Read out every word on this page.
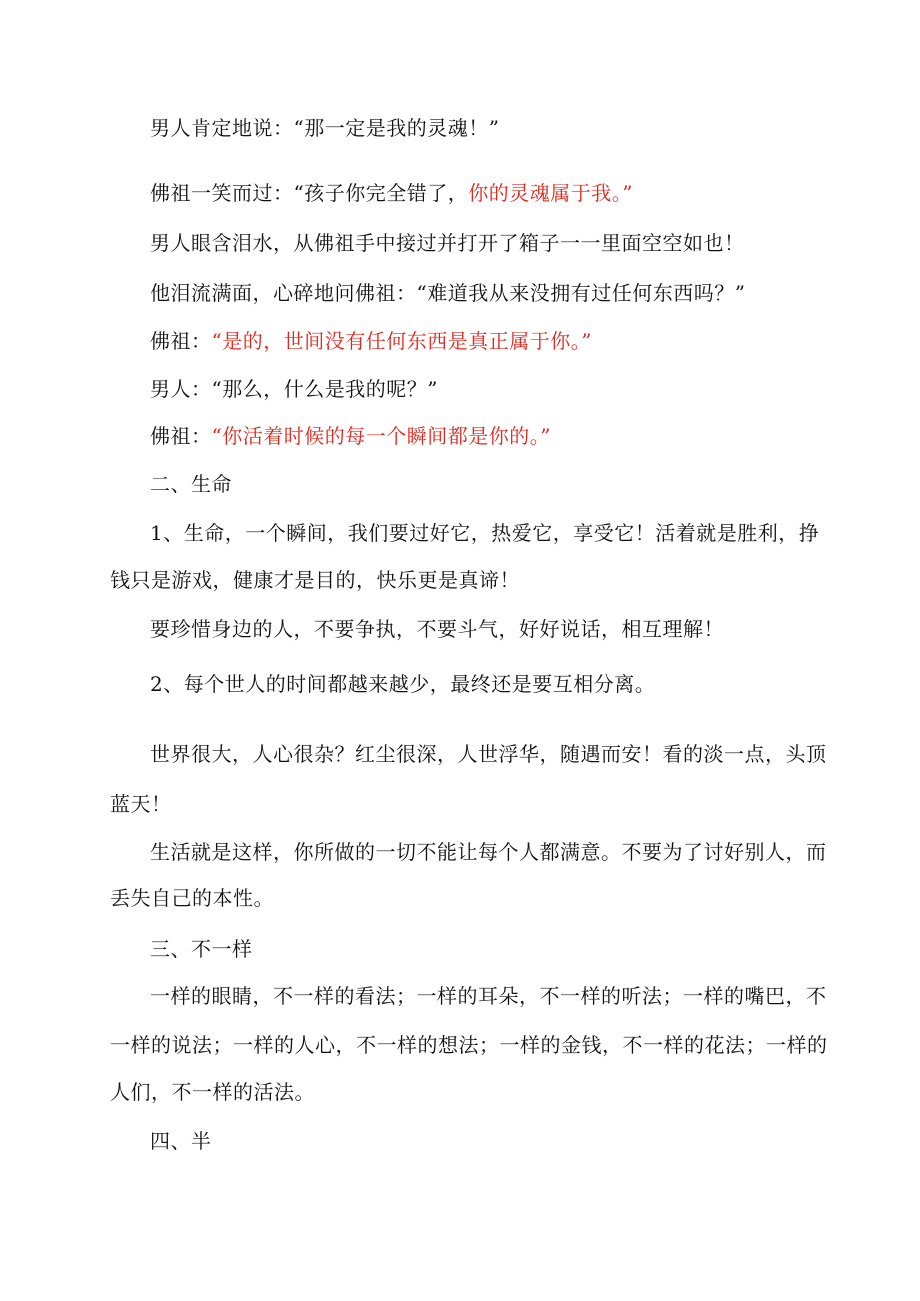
男人肯定地说：“那一定是我的灵魂！”
佛祖一笑而过：“孩子你完全错了，你的灵魂属于我。”
男人眼含泪水，从佛祖手中接过并打开了箱子一一里面空空如也！
他泪流满面，心碎地问佛祖：“难道我从来没拥有过任何东西吗？”
佛祖：“是的，世间没有任何东西是真正属于你。”
男人：“那么，什么是我的呢？”
佛祖：“你活着时候的每一个瞬间都是你的。”
二、生命
1、生命，一个瞬间，我们要过好它，热爱它，享受它！活着就是胜利，挣
钱只是游戏，健康才是目的，快乐更是真谛！
要珍惜身边的人，不要争执，不要斗气，好好说话，相互理解！
2、每个世人的时间都越来越少，最终还是要互相分离。
世界很大，人心很杂？红尘很深，人世浮华，随遇而安！看的淡一点，头顶
蓝天！
生活就是这样，你所做的一切不能让每个人都满意。不要为了讨好别人，而
丢失自己的本性。
三、不一样
一样的眼睛，不一样的看法；一样的耳朵，不一样的听法；一样的嘴巴，不
一样的说法；一样的人心，不一样的想法；一样的金钱，不一样的花法；一样的
人们，不一样的活法。
四、半
